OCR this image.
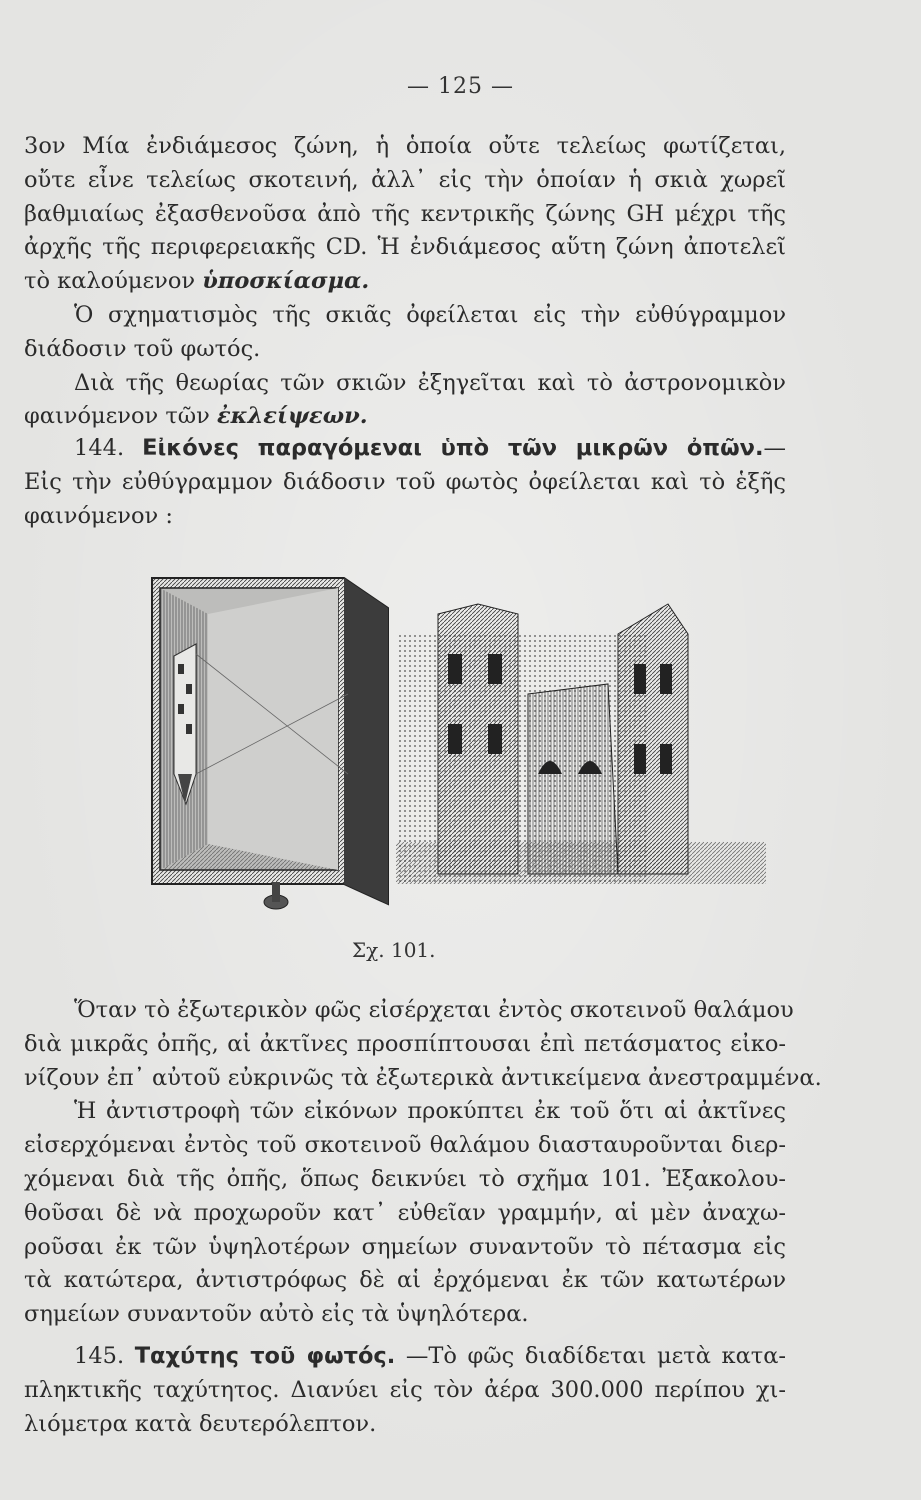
— 125 —
3ον Μία ἐνδιάμεσος ζώνη, ἡ ὁποία οὔτε τελείως φωτίζεται,
οὔτε εἶνε τελείως σκοτεινή, ἀλλ᾽ εἰς τὴν ὁποίαν ἡ σκιὰ χωρεῖ
βαθμιαίως ἐξασθενοῦσα ἀπὸ τῆς κεντρικῆς ζώνης GH μέχρι τῆς
ἀρχῆς τῆς περιφερειακῆς CD. Ἡ ἐνδιάμεσος αὕτη ζώνη ἀποτελεῖ
τὸ καλούμενον ὑποσκίασμα.
Ὁ σχηματισμὸς τῆς σκιᾶς ὀφείλεται εἰς τὴν εὐθύγραμμον
διάδοσιν τοῦ φωτός.
Διὰ τῆς θεωρίας τῶν σκιῶν ἐξηγεῖται καὶ τὸ ἀστρονομικὸν
φαινόμενον τῶν ἐκλείψεων.
144. Εἰκόνες παραγόμεναι ὑπὸ τῶν μικρῶν ὀπῶν.—
Εἰς τὴν εὐθύγραμμον διάδοσιν τοῦ φωτὸς ὀφείλεται καὶ τὸ ἑξῆς
φαινόμενον :
Σχ. 101.
Ὅταν τὸ ἐξωτερικὸν φῶς εἰσέρχεται ἐντὸς σκοτεινοῦ θαλάμου
διὰ μικρᾶς ὀπῆς, αἱ ἀκτῖνες προσπίπτουσαι ἐπὶ πετάσματος εἰκο-
νίζουν ἐπ᾽ αὐτοῦ εὐκρινῶς τὰ ἐξωτερικὰ ἀντικείμενα ἀνεστραμμένα.
Ἡ ἀντιστροφὴ τῶν εἰκόνων προκύπτει ἐκ τοῦ ὅτι αἱ ἀκτῖνες
εἰσερχόμεναι ἐντὸς τοῦ σκοτεινοῦ θαλάμου διασταυροῦνται διερ-
χόμεναι διὰ τῆς ὀπῆς, ὅπως δεικνύει τὸ σχῆμα 101. Ἐξακολου-
θοῦσαι δὲ νὰ προχωροῦν κατ᾽ εὐθεῖαν γραμμήν, αἱ μὲν ἀναχω-
ροῦσαι ἐκ τῶν ὑψηλοτέρων σημείων συναντοῦν τὸ πέτασμα εἰς
τὰ κατώτερα, ἀντιστρόφως δὲ αἱ ἐρχόμεναι ἐκ τῶν κατωτέρων
σημείων συναντοῦν αὐτὸ εἰς τὰ ὑψηλότερα.
145. Ταχύτης τοῦ φωτός. —Τὸ φῶς διαδίδεται μετὰ κατα-
πληκτικῆς ταχύτητος. Διανύει εἰς τὸν ἀέρα 300.000 περίπου χι-
λιόμετρα κατὰ δευτερόλεπτον.
